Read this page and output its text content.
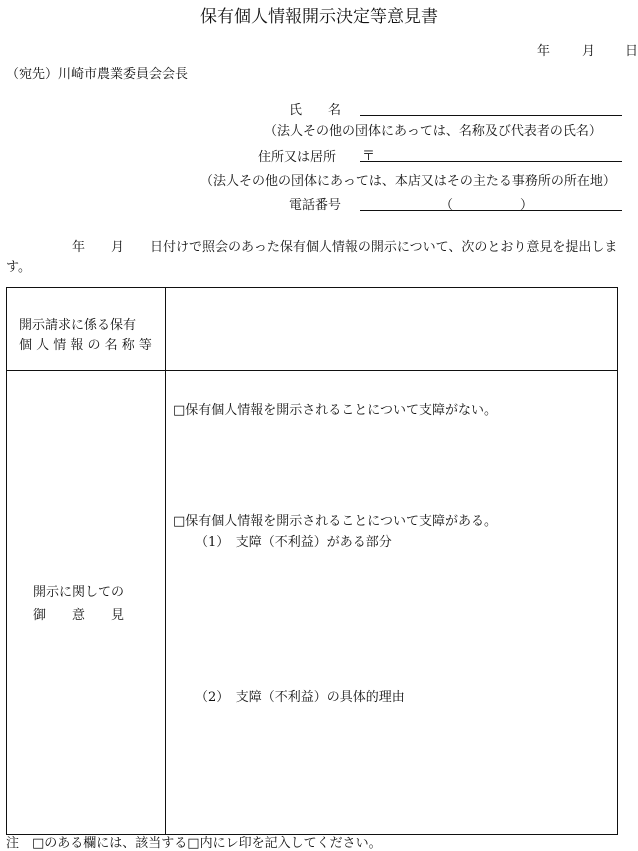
保有個人情報開示決定等意見書
年 月 日
（宛先）川崎市農業委員会会長
氏　　名
（法人その他の団体にあっては、名称及び代表者の氏名）
住所又は居所 〒
（法人その他の団体にあっては、本店又はその主たる事務所の所在地）
電話番号	（	）
年　　月　　日付けで照会のあった保有個人情報の開示について、次のとおり意見を提出します。
開示請求に係る保有
個 人 情 報 の 名 称 等
開示に関しての
御　　意　　見
□保有個人情報を開示されることについて支障がない。
□保有個人情報を開示されることについて支障がある。
（1）　支障（不利益）がある部分
（2）　支障（不利益）の具体的理由
注　□のある欄には、該当する□内にレ印を記入してください。
